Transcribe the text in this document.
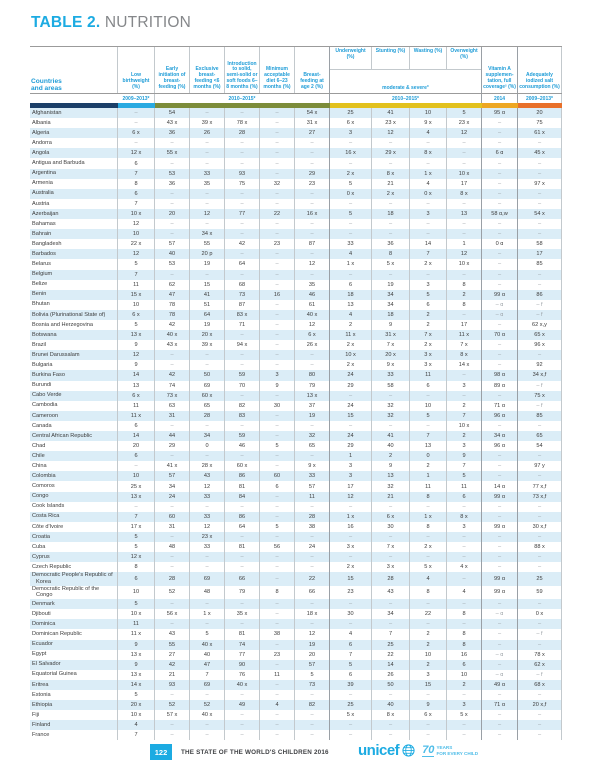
TABLE 2. NUTRITION
Countries
and areas
Low birthweight (%)
Early initiation of breast-feeding (%)
Exclusive breast-feeding <6 months (%)
Introduction to solid, semi-solid or soft foods 6–8 months (%)
Minimum acceptable diet 6–23 months (%)
Breast-feeding at age 2 (%)
Underweight (%)
Stunting (%)	Wasting (%)	Overweight (%)
moderate & severe°
Vitamin A supplemen-tation, full coverage² (%)
Adequately iodized salt consumption (%)
2009–2013*	2010–2015*	2010–2015*	2014	2009–2013*
Afghanistan	–	54	–	–	–	54 x	25	41	10	5	95 ɑ	20
Albania	–	43 x	39 x	78 x	–	31 x	6 x	23 x	9 x	23 x	–	75
Algeria	6 x	36	26	28	–	27	3	12	4	12	–	61 x
Andorra	–	–	–	–	–	–	–	–	–	–	–	–
Angola	12 x	55 x	–	–	–	–	16 x	29 x	8 x	–	6 ɑ	45 x
Antigua and Barbuda	6	–	–	–	–	–	–	–	–	–	–	–
Argentina	7	53	33	93	–	29	2 x	8 x	1 x	10 x	–	–
Armenia	8	36	35	75	32	23	5	21	4	17	–	97 x
Australia	6	–	–	–	–	–	0 x	2 x	0 x	8 x	–	–
Austria	7	–	–	–	–	–	–	–	–	–	–	–
Azerbaijan	10 x	20	12	77	22	16 x	5	18	3	13	58 ɑ,w	54 x
Bahamas	12	–	–	–	–	–	–	–	–	–	–	–
Bahrain	10	–	34 x	–	–	–	–	–	–	–	–	–
Bangladesh	22 x	57	55	42	23	87	33	36	14	1	0 ɑ	58
Barbados	12	40	20 p	–	–	–	4	8	7	12	–	17
Belarus	5	53	19	64	–	12	1 x	5 x	2 x	10 x	–	85
Belgium	7	–	–	–	–	–	–	–	–	–	–	–
Belize	11	62	15	68	–	35	6	19	3	8	–	–
Benin	15 x	47	41	73	16	46	18	34	5	2	99 ɑ	86
Bhutan	10	78	51	87	–	61	13	34	6	8	– ɑ	– f
Bolivia (Plurinational State of)	6 x	78	64	83 x	–	40 x	4	18	2	–	– ɑ	– f
Bosnia and Herzegovina	5	42	19	71	–	12	2	9	2	17	–	62 x,y
Botswana	13 x	40 x	20 x	–	–	6 x	11 x	31 x	7 x	11 x	70 ɑ	65 x
Brazil	9	43 x	39 x	94 x	–	26 x	2 x	7 x	2 x	7 x	–	96 x
Brunei Darussalam	12	–	–	–	–	–	10 x	20 x	3 x	8 x	–	–
Bulgaria	9	–	–	–	–	–	2 x	9 x	3 x	14 x	–	92
Burkina Faso	14	42	50	59	3	80	24	33	11	–	98 ɑ	34 x,f
Burundi	13	74	69	70	9	79	29	58	6	3	89 ɑ	– f
Cabo Verde	6 x	73 x	60 x	–	–	13 x	–	–	–	–	–	75 x
Cambodia	11	63	65	82	30	37	24	32	10	2	71 ɑ	– f
Cameroon	11 x	31	28	83	–	19	15	32	5	7	96 ɑ	85
Canada	6	–	–	–	–	–	–	–	–	10 x	–	–
Central African Republic	14	44	34	59	–	32	24	41	7	2	34 ɑ	65
Chad	20	29	0	46	5	65	29	40	13	3	96 ɑ	54
Chile	6	–	–	–	–	–	1	2	0	9	–	–
China	–	41 x	28 x	60 x	–	9 x	3	9	2	7	–	97 y
Colombia	10	57	43	86	60	33	3	13	1	5	–	–
Comoros	25 x	34	12	81	6	57	17	32	11	11	14 ɑ	77 x,f
Congo	13 x	24	33	84	–	11	12	21	8	6	99 ɑ	73 x,f
Cook Islands	–	–	–	–	–	–	–	–	–	–	–	–
Costa Rica	7	60	33	86	–	28	1 x	6 x	1 x	8 x	–	–
Côte d'Ivoire	17 x	31	12	64	5	38	16	30	8	3	99 ɑ	30 x,f
Croatia	5	–	23 x	–	–	–	–	–	–	–	–	–
Cuba	5	48	33	81	56	24	3 x	7 x	2 x	–	–	88 x
Cyprus	12 x	–	–	–	–	–	–	–	–	–	–	–
Czech Republic	8	–	–	–	–	–	2 x	3 x	5 x	4 x	–	–
Democratic People's Republic of Korea	6	28	69	66	–	22	15	28	4	–	99 ɑ	25
Democratic Republic of the Congo	10	52	48	79	8	66	23	43	8	4	99 ɑ	59
Denmark	5	–	–	–	–	–	–	–	–	–	–	–
Djibouti	10 x	56 x	1 x	35 x	–	18 x	30	34	22	8	– ɑ	0 x
Dominica	11	–	–	–	–	–	–	–	–	–	–	–
Dominican Republic	11 x	43	5	81	38	12	4	7	2	8	–	– f
Ecuador	9	55	40 x	74	–	19	6	25	2	8	–	–
Egypt	13 x	27	40	77	23	20	7	22	10	16	– ɑ	78 x
El Salvador	9	42	47	90	–	57	5	14	2	6	–	62 x
Equatorial Guinea	13 x	21	7	76	11	5	6	26	3	10	– ɑ	– f
Eritrea	14 x	93	69	40 x	–	73	39	50	15	2	49 ɑ	68 x
Estonia	5	–	–	–	–	–	–	–	–	–	–	–
Ethiopia	20 x	52	52	49	4	82	25	40	9	3	71 ɑ	20 x,f
Fiji	10 x	57 x	40 x	–	–	–	5 x	8 x	6 x	5 x	–	–
Finland	4	–	–	–	–	–	–	–	–	–	–	–
France	7	–	–	–	–	–	–	–	–	–	–	–
122	THE STATE OF THE WORLD'S CHILDREN 2016 unicef 70 YEARS
FOR EVERY CHILD
